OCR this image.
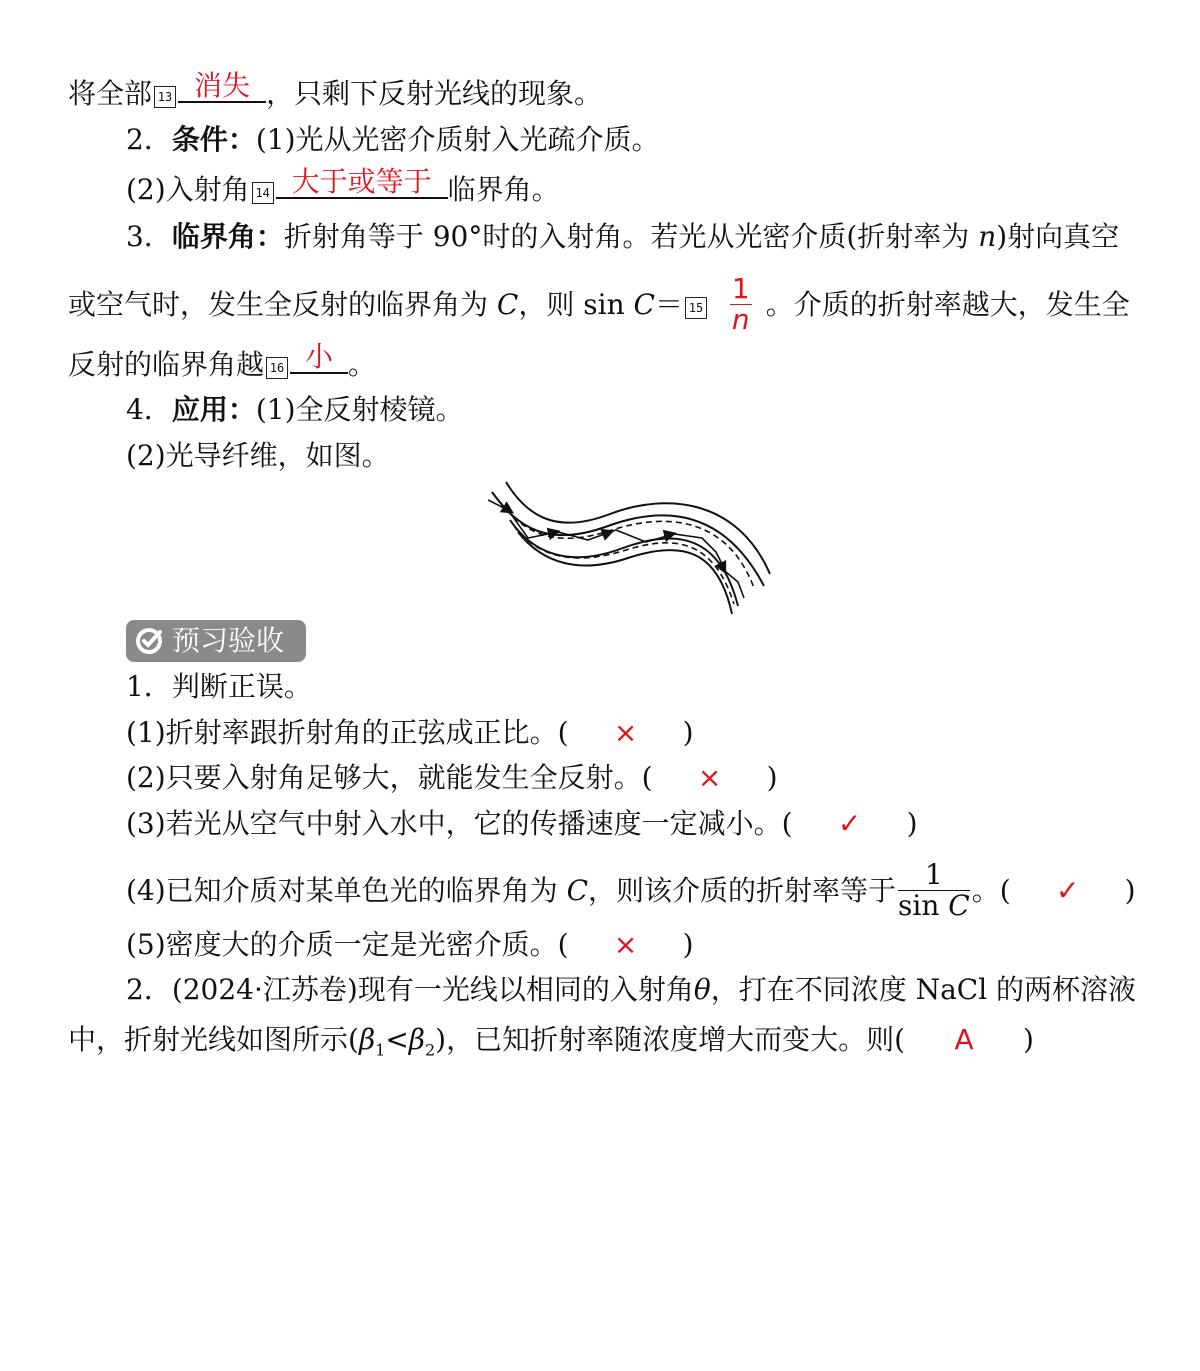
将全部 13 消失 ，只剩下反射光线的现象。
2．条件：(1)光从光密介质射入光疏介质。
(2)入射角 14 大于或等于 临界角。
3．临界角：折射角等于 90°时的入射角。若光从光密介质(折射率为 n)射向真空
或空气时，发生全反射的临界角为 C，则 $\sin C= 15 \frac{1}{n}$ 。介质的折射率越大，发生全
反射的临界角越 16 小 。
4．应用：(1)全反射棱镜。
(2)光导纤维，如图。
预习验收
1．判断正误。
(1)折射率跟折射角的正弦成正比。( × )
(2)只要入射角足够大，就能发生全反射。( × )
(3)若光从空气中射入水中，它的传播速度一定减小。( ✓ )
(4)已知介质对某单色光的临界角为 C，则该介质的折射率等于 $\frac{1}{\text{sin C}}$ 。( ✓ )
(5)密度大的介质一定是光密介质。( × )
2．(2024·江苏卷)现有一光线以相同的入射角θ，打在不同浓度 NaCl 的两杯溶液
中，折射光线如图所示$(\beta_1<\beta_2)$，已知折射率随浓度增大而变大。则( A )
